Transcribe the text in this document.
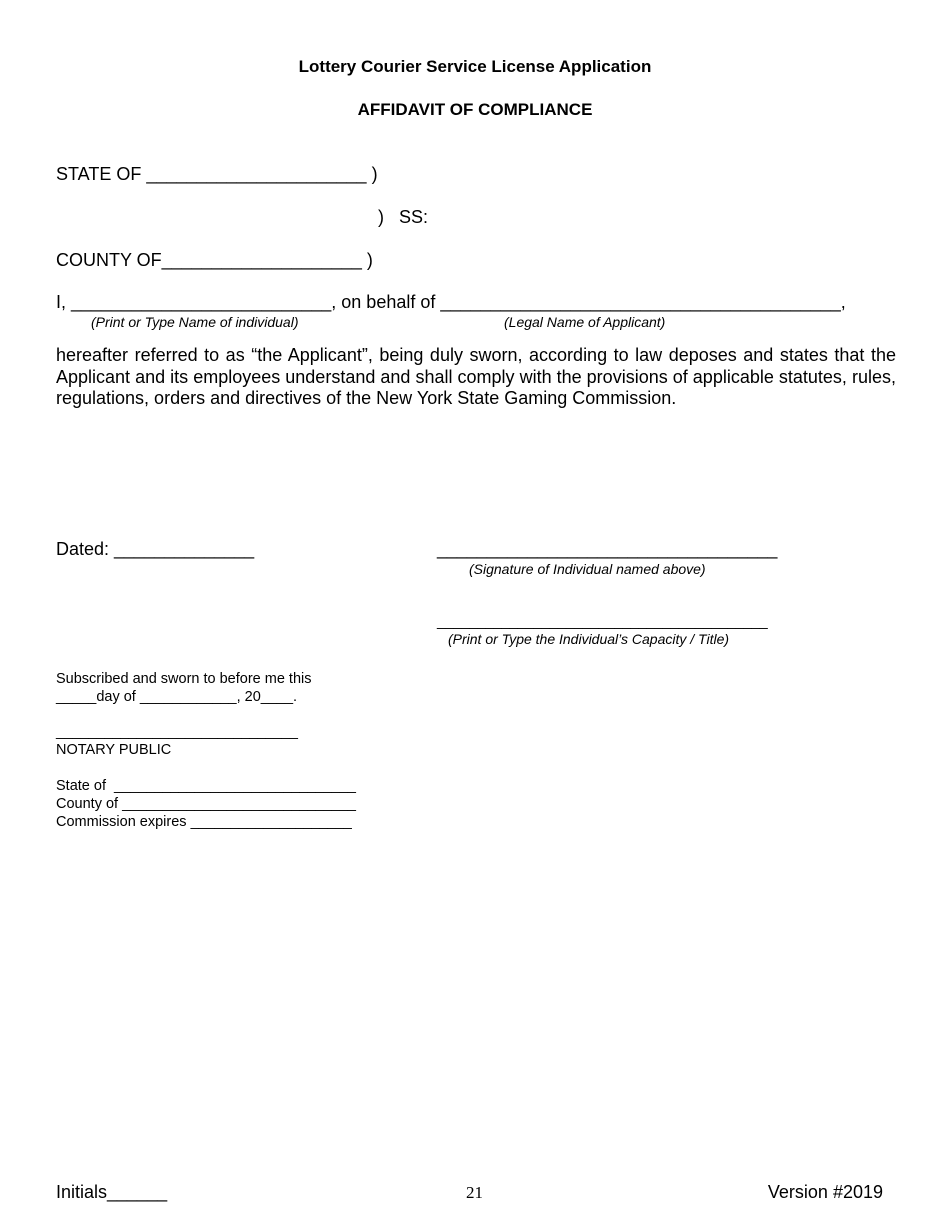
Lottery Courier Service License Application
AFFIDAVIT OF COMPLIANCE
STATE OF ______________________ )
)   SS:
COUNTY OF____________________ )
I, __________________________, on behalf of ________________________________________,
(Print or Type Name of individual)	(Legal Name of Applicant)
hereafter referred to as “the Applicant”, being duly sworn, according to law deposes and states that the Applicant and its employees understand and shall comply with the provisions of applicable statutes, rules, regulations, orders and directives of the New York State Gaming Commission.
Dated: ______________	__________________________________
(Signature of Individual named above)
_________________________________________
(Print or Type the Individual’s Capacity / Title)
Subscribed and sworn to before me this
_____day of ____________, 20____.
______________________________
NOTARY PUBLIC
State of  ______________________________
County of _____________________________
Commission expires ____________________
Initials______	21	Version #2019
